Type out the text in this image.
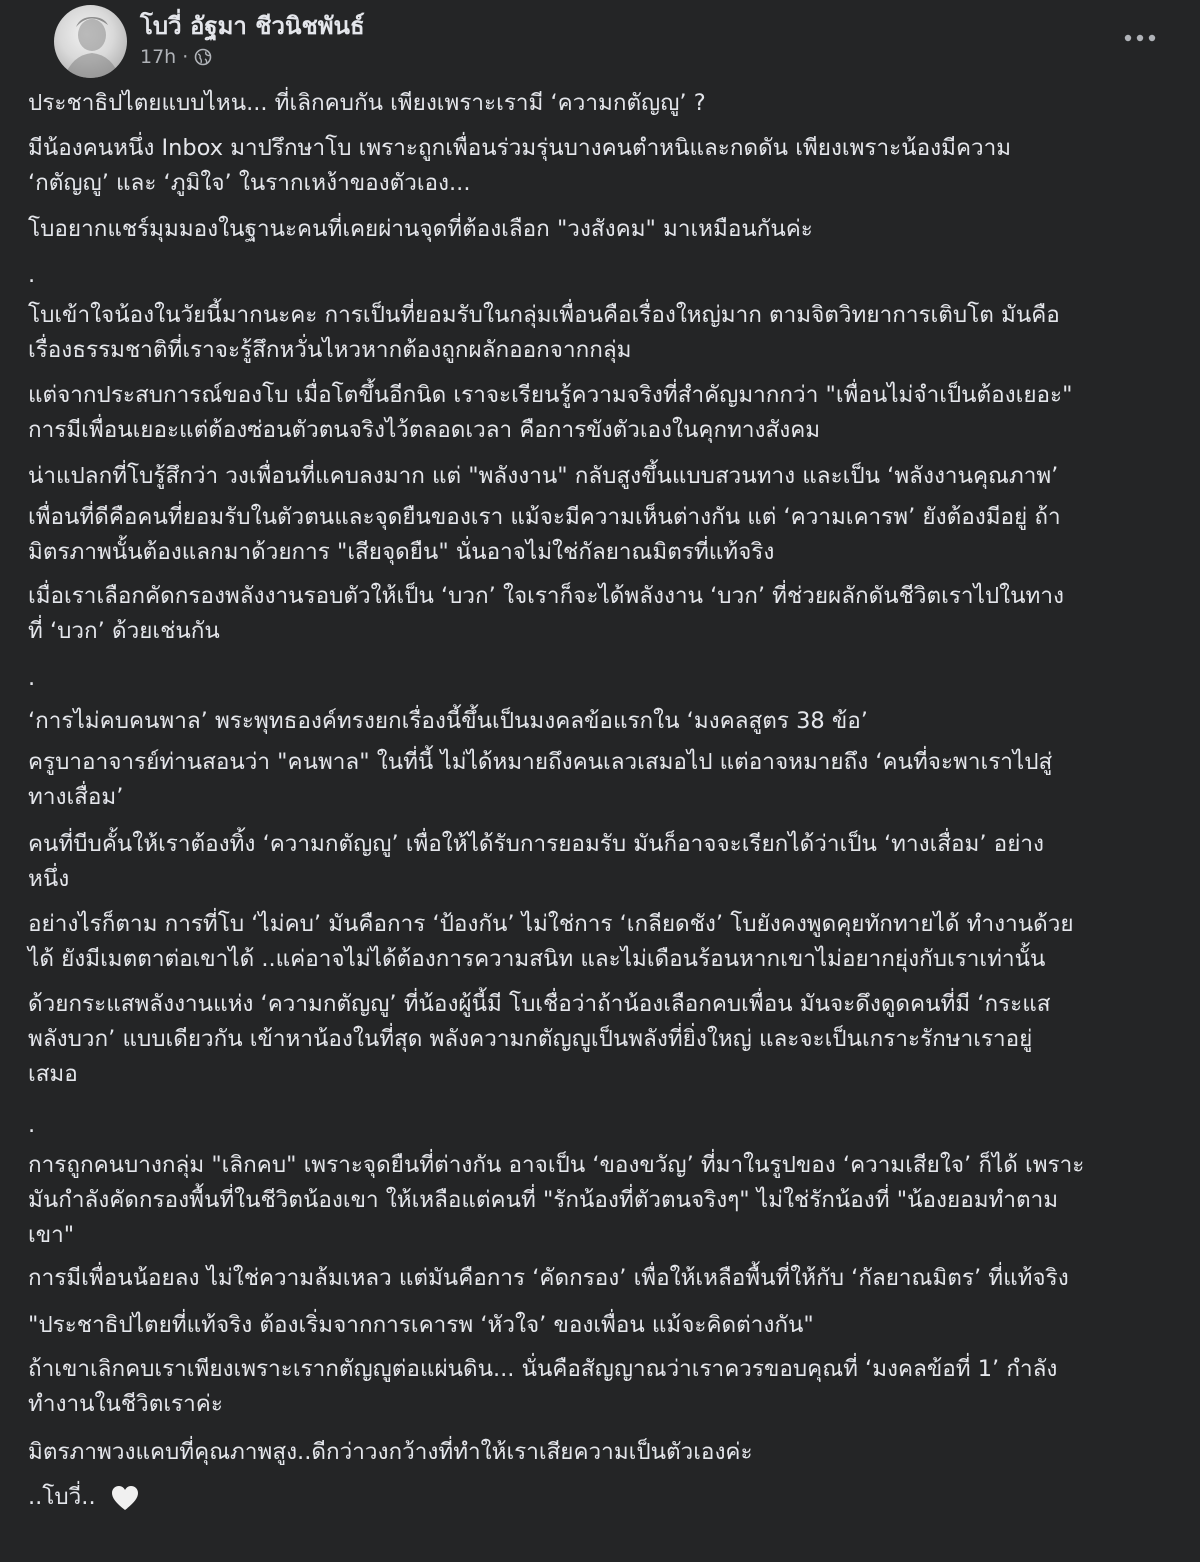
โบวี่ อัฐมา ชีวนิชพันธ์
17h ·
ประชาธิปไตยแบบไหน... ที่เลิกคบกัน เพียงเพราะเรามี ‘ความกตัญญู’ ?
มีน้องคนหนึ่ง Inbox มาปรึกษาโบ เพราะถูกเพื่อนร่วมรุ่นบางคนตำหนิและกดดัน เพียงเพราะน้องมีความ
‘กตัญญู’ และ ‘ภูมิใจ’ ในรากเหง้าของตัวเอง...
โบอยากแชร์มุมมองในฐานะคนที่เคยผ่านจุดที่ต้องเลือก "วงสังคม" มาเหมือนกันค่ะ
.
โบเข้าใจน้องในวัยนี้มากนะคะ การเป็นที่ยอมรับในกลุ่มเพื่อนคือเรื่องใหญ่มาก ตามจิตวิทยาการเติบโต มันคือ
เรื่องธรรมชาติที่เราจะรู้สึกหวั่นไหวหากต้องถูกผลักออกจากกลุ่ม
แต่จากประสบการณ์ของโบ เมื่อโตขึ้นอีกนิด เราจะเรียนรู้ความจริงที่สำคัญมากกว่า "เพื่อนไม่จำเป็นต้องเยอะ"
การมีเพื่อนเยอะแต่ต้องซ่อนตัวตนจริงไว้ตลอดเวลา คือการขังตัวเองในคุกทางสังคม
น่าแปลกที่โบรู้สึกว่า วงเพื่อนที่แคบลงมาก แต่ "พลังงาน" กลับสูงขึ้นแบบสวนทาง และเป็น ‘พลังงานคุณภาพ’
เพื่อนที่ดีคือคนที่ยอมรับในตัวตนและจุดยืนของเรา แม้จะมีความเห็นต่างกัน แต่ ‘ความเคารพ’ ยังต้องมีอยู่ ถ้า
มิตรภาพนั้นต้องแลกมาด้วยการ "เสียจุดยืน" นั่นอาจไม่ใช่กัลยาณมิตรที่แท้จริง
เมื่อเราเลือกคัดกรองพลังงานรอบตัวให้เป็น ‘บวก’ ใจเราก็จะได้พลังงาน ‘บวก’ ที่ช่วยผลักดันชีวิตเราไปในทาง
ที่ ‘บวก’ ด้วยเช่นกัน
.
‘การไม่คบคนพาล’ พระพุทธองค์ทรงยกเรื่องนี้ขึ้นเป็นมงคลข้อแรกใน ‘มงคลสูตร 38 ข้อ’
ครูบาอาจารย์ท่านสอนว่า "คนพาล" ในที่นี้ ไม่ได้หมายถึงคนเลวเสมอไป แต่อาจหมายถึง ‘คนที่จะพาเราไปสู่
ทางเสื่อม’
คนที่บีบคั้นให้เราต้องทิ้ง ‘ความกตัญญู’ เพื่อให้ได้รับการยอมรับ มันก็อาจจะเรียกได้ว่าเป็น ‘ทางเสื่อม’ อย่าง
หนึ่ง
อย่างไรก็ตาม การที่โบ ‘ไม่คบ’ มันคือการ ‘ป้องกัน’ ไม่ใช่การ ‘เกลียดชัง’ โบยังคงพูดคุยทักทายได้ ทำงานด้วย
ได้ ยังมีเมตตาต่อเขาได้ ..แค่อาจไม่ได้ต้องการความสนิท และไม่เดือนร้อนหากเขาไม่อยากยุ่งกับเราเท่านั้น
ด้วยกระแสพลังงานแห่ง ‘ความกตัญญู’ ที่น้องผู้นี้มี โบเชื่อว่าถ้าน้องเลือกคบเพื่อน มันจะดึงดูดคนที่มี ‘กระแส
พลังบวก’ แบบเดียวกัน เข้าหาน้องในที่สุด พลังความกตัญญูเป็นพลังที่ยิ่งใหญ่ และจะเป็นเกราะรักษาเราอยู่
เสมอ
.
การถูกคนบางกลุ่ม "เลิกคบ" เพราะจุดยืนที่ต่างกัน อาจเป็น ‘ของขวัญ’ ที่มาในรูปของ ‘ความเสียใจ’ ก็ได้ เพราะ
มันกำลังคัดกรองพื้นที่ในชีวิตน้องเขา ให้เหลือแต่คนที่ "รักน้องที่ตัวตนจริงๆ" ไม่ใช่รักน้องที่ "น้องยอมทำตาม
เขา"
การมีเพื่อนน้อยลง ไม่ใช่ความล้มเหลว แต่มันคือการ ‘คัดกรอง’ เพื่อให้เหลือพื้นที่ให้กับ ‘กัลยาณมิตร’ ที่แท้จริง
"ประชาธิปไตยที่แท้จริง ต้องเริ่มจากการเคารพ ‘หัวใจ’ ของเพื่อน แม้จะคิดต่างกัน"
ถ้าเขาเลิกคบเราเพียงเพราะเรากตัญญูต่อแผ่นดิน... นั่นคือสัญญาณว่าเราควรขอบคุณที่ ‘มงคลข้อที่ 1’ กำลัง
ทำงานในชีวิตเราค่ะ
มิตรภาพวงแคบที่คุณภาพสูง..ดีกว่าวงกว้างที่ทำให้เราเสียความเป็นตัวเองค่ะ
..โบวี่..
